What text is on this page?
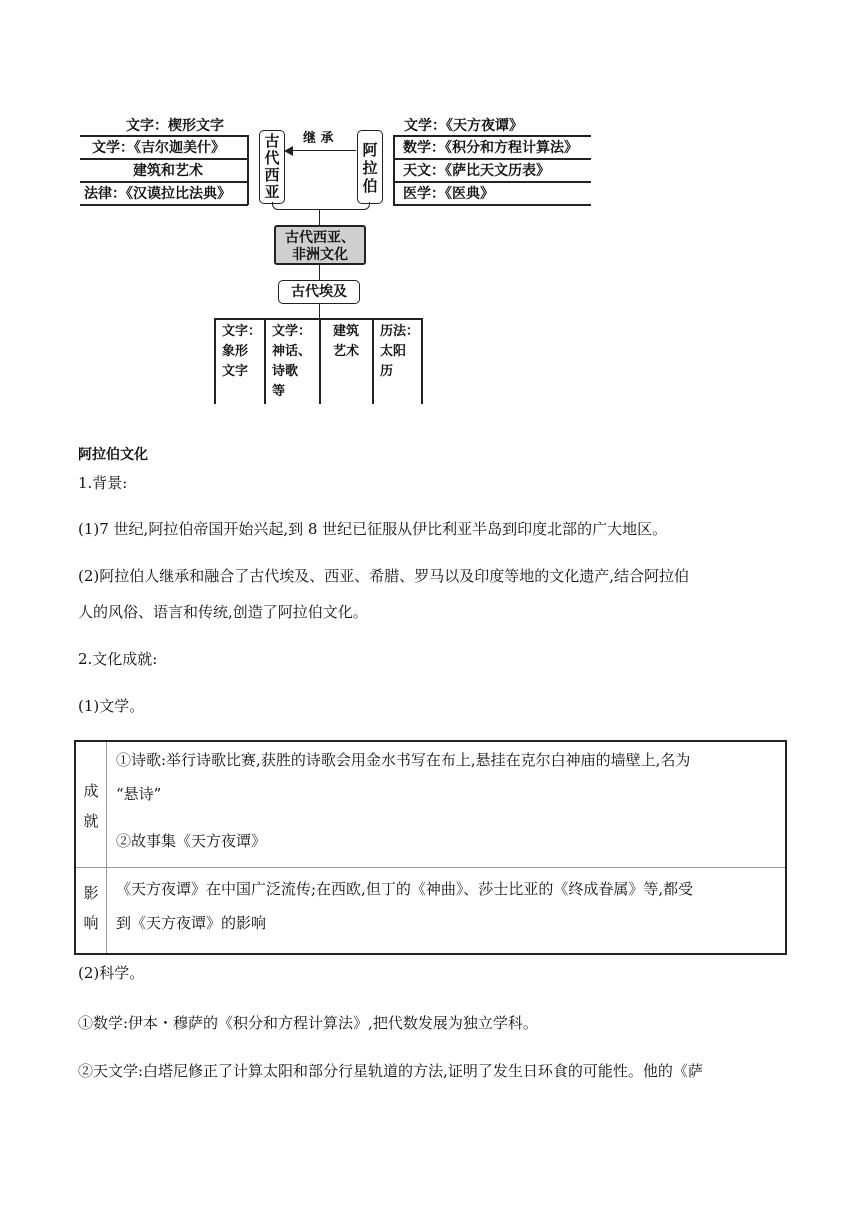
文字：楔形文字
文学：《吉尔迦美什》
建筑和艺术
法律：《汉谟拉比法典》
古代西亚
继 承
阿拉伯
文学：《天方夜谭》
数学：《积分和方程计算法》
天文：《萨比天文历表》
医学：《医典》
古代西亚、
非洲文化
古代埃及
文字：
象形
文字
文学：
神话、
诗歌
等
建筑
艺术
历法：
太阳
历
阿拉伯文化
1.背景:
(1)7 世纪,阿拉伯帝国开始兴起,到 8 世纪已征服从伊比利亚半岛到印度北部的广大地区。
(2)阿拉伯人继承和融合了古代埃及、西亚、希腊、罗马以及印度等地的文化遗产,结合阿拉伯
人的风俗、语言和传统,创造了阿拉伯文化。
2.文化成就:
(1)文学。
成就
①诗歌:举行诗歌比赛,获胜的诗歌会用金水书写在布上,悬挂在克尔白神庙的墙壁上,名为
“悬诗”
②故事集《天方夜谭》
影响
《天方夜谭》在中国广泛流传;在西欧,但丁的《神曲》、莎士比亚的《终成眷属》等,都受
到《天方夜谭》的影响
(2)科学。
①数学:伊本・穆萨的《积分和方程计算法》,把代数发展为独立学科。
②天文学:白塔尼修正了计算太阳和部分行星轨道的方法,证明了发生日环食的可能性。他的《萨
